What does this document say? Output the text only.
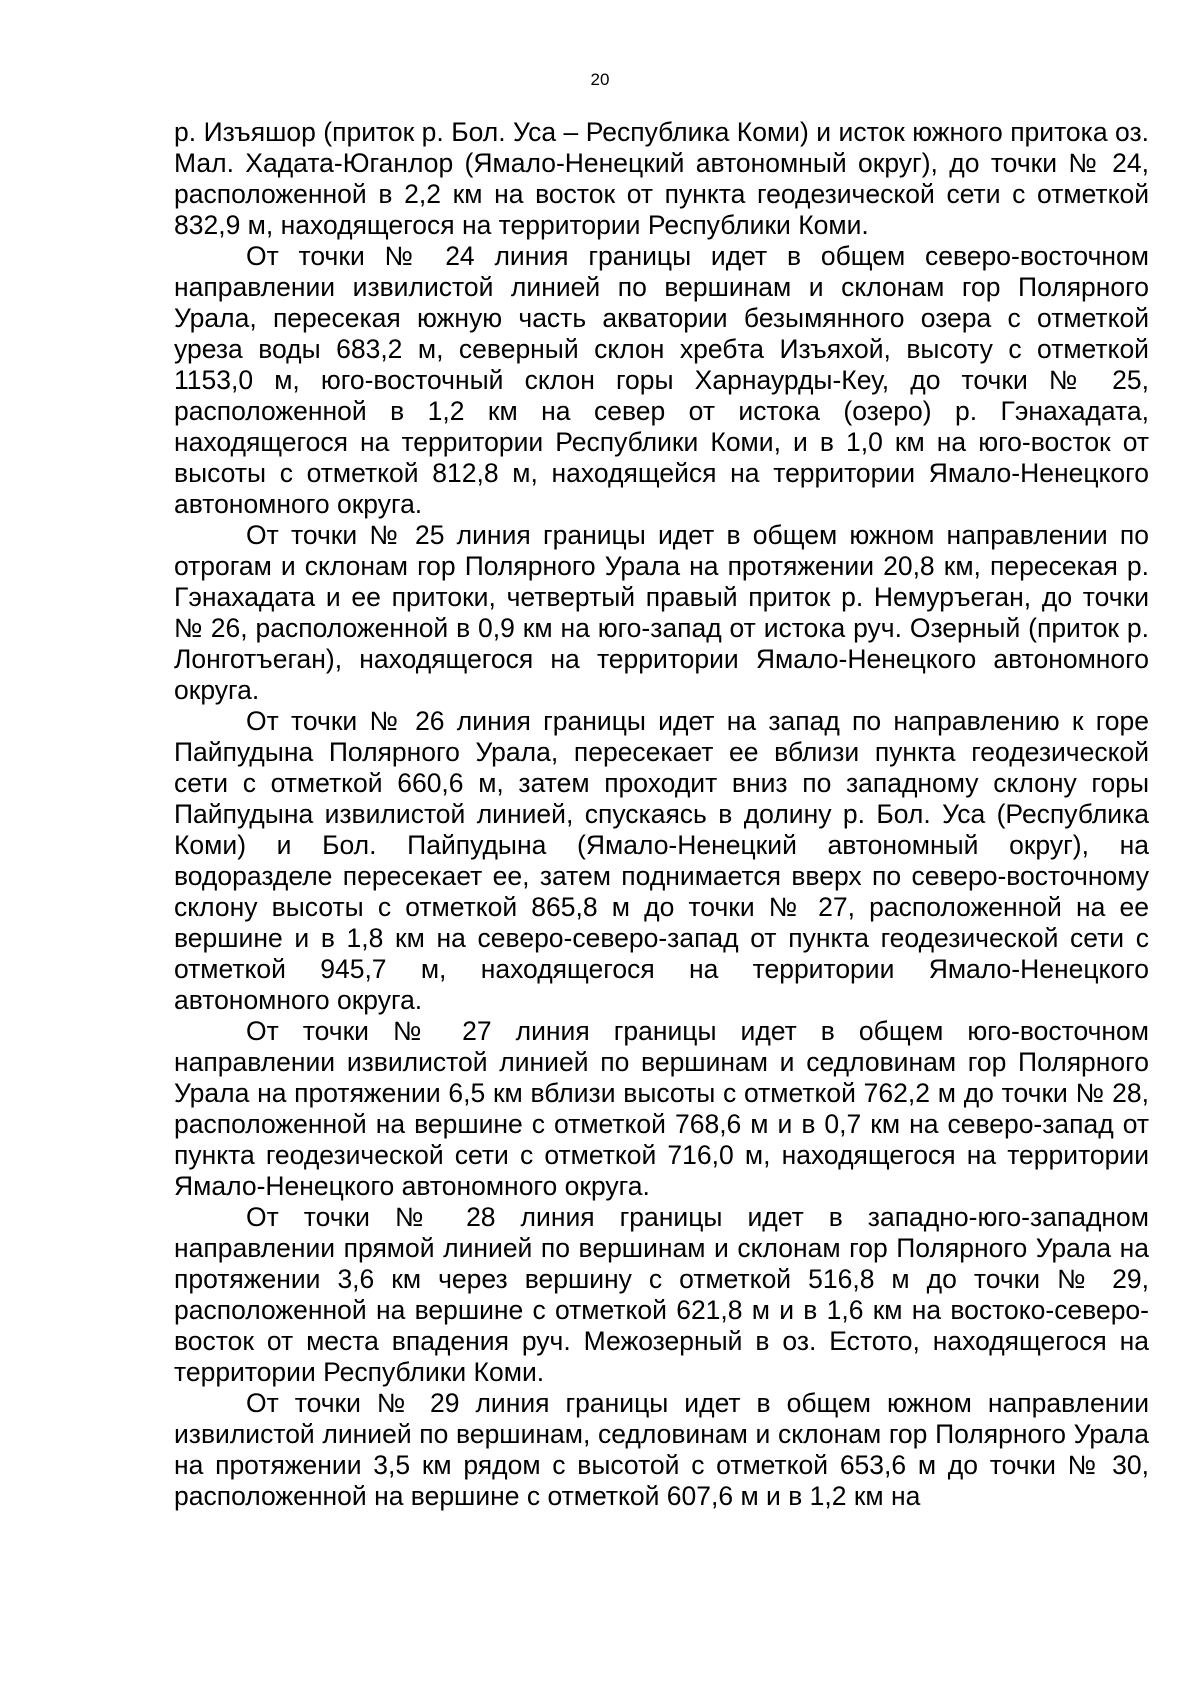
20

р. Изъяшор (приток р. Бол. Уса – Республика Коми) и исток южного притока оз. Мал. Хадата-Юганлор (Ямало-Ненецкий автономный округ), до точки № 24, расположенной в 2,2 км на восток от пункта геодезической сети с отметкой 832,9 м, находящегося на территории Республики Коми.

От точки № 24 линия границы идет в общем северо-восточном направлении извилистой линией по вершинам и склонам гор Полярного Урала, пересекая южную часть акватории безымянного озера с отметкой уреза воды 683,2 м, северный склон хребта Изъяхой, высоту с отметкой 1153,0 м, юго-восточный склон горы Харнаурды-Кеу, до точки № 25, расположенной в 1,2 км на север от истока (озеро) р. Гэнахадата, находящегося на территории Республики Коми, и в 1,0 км на юго-восток от высоты с отметкой 812,8 м, находящейся на территории Ямало-Ненецкого автономного округа.

От точки № 25 линия границы идет в общем южном направлении по отрогам и склонам гор Полярного Урала на протяжении 20,8 км, пересекая р. Гэнахадата и ее притоки, четвертый правый приток р. Немуръеган, до точки № 26, расположенной в 0,9 км на юго-запад от истока руч. Озерный (приток р. Лонготъеган), находящегося на территории Ямало-Ненецкого автономного округа.

От точки № 26 линия границы идет на запад по направлению к горе Пайпудына Полярного Урала, пересекает ее вблизи пункта геодезической сети с отметкой 660,6 м, затем проходит вниз по западному склону горы Пайпудына извилистой линией, спускаясь в долину р. Бол. Уса (Республика Коми) и Бол. Пайпудына (Ямало-Ненецкий автономный округ), на водоразделе пересекает ее, затем поднимается вверх по северо-восточному склону высоты с отметкой 865,8 м до точки № 27, расположенной на ее вершине и в 1,8 км на северо-северо-запад от пункта геодезической сети с отметкой 945,7 м, находящегося на территории Ямало-Ненецкого автономного округа.

От точки № 27 линия границы идет в общем юго-восточном направлении извилистой линией по вершинам и седловинам гор Полярного Урала на протяжении 6,5 км вблизи высоты с отметкой 762,2 м до точки № 28, расположенной на вершине с отметкой 768,6 м и в 0,7 км на северо-запад от пункта геодезической сети с отметкой 716,0 м, находящегося на территории Ямало-Ненецкого автономного округа.

От точки № 28 линия границы идет в западно-юго-западном направлении прямой линией по вершинам и склонам гор Полярного Урала на протяжении 3,6 км через вершину с отметкой 516,8 м до точки № 29, расположенной на вершине с отметкой 621,8 м и в 1,6 км на востоко-северо-восток от места впадения руч. Межозерный в оз. Естото, находящегося на территории Республики Коми.

От точки № 29 линия границы идет в общем южном направлении извилистой линией по вершинам, седловинам и склонам гор Полярного Урала на протяжении 3,5 км рядом с высотой с отметкой 653,6 м до точки № 30, расположенной на вершине с отметкой 607,6 м и в 1,2 км на
